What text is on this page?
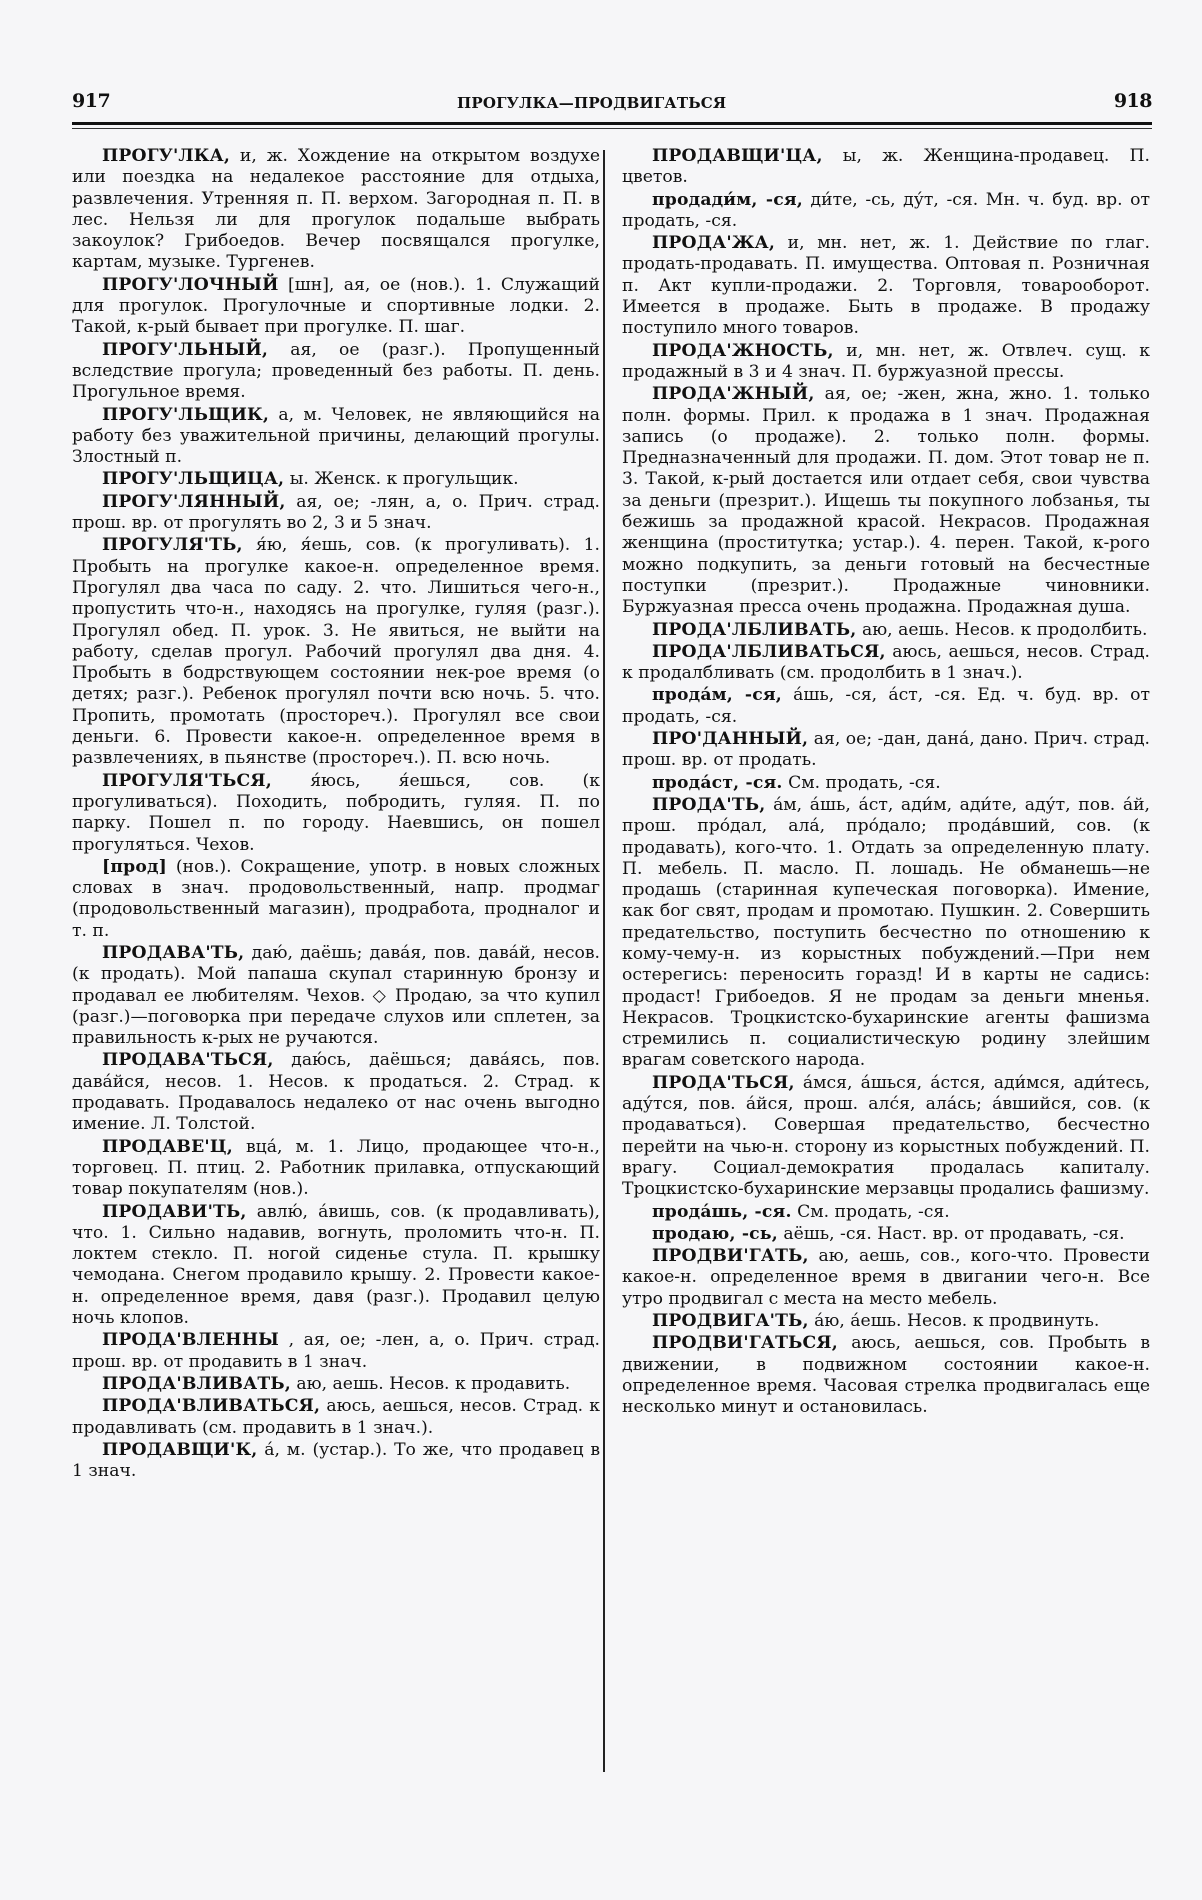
917	ПРОГУЛКА—ПРОДВИГАТЬСЯ	918

ПРОГУ'ЛКА, и, ж. Хождение на открытом воздухе или поездка на недалекое расстояние для отдыха, развлечения. Утренняя п. П. верхом. Загородная п. П. в лес. Нельзя ли для прогулок подальше выбрать закоулок? Грибоедов. Вечер посвящался прогулке, картам, музыке. Тургенев.

ПРОГУ'ЛОЧНЫЙ [шн], ая, ое (нов.). 1. Служащий для прогулок. Прогулочные и спортивные лодки. 2. Такой, к-рый бывает при прогулке. П. шаг.

ПРОГУ'ЛЬНЫЙ, ая, ое (разг.). Пропущенный вследствие прогула; проведенный без работы. П. день. Прогульное время.

ПРОГУ'ЛЬЩИК, а, м. Человек, не являющийся на работу без уважительной причины, делающий прогулы. Злостный п.

ПРОГУ'ЛЬЩИЦА, ы. Женск. к прогульщик.

ПРОГУ'ЛЯННЫЙ, ая, ое; -лян, а, о. Прич. страд. прош. вр. от прогулять во 2, 3 и 5 знач.

ПРОГУЛЯ'ТЬ, я́ю, я́ешь, сов. (к прогуливать). 1. Пробыть на прогулке какое-н. определенное время. Прогулял два часа по саду. 2. что. Лишиться чего-н., пропустить что-н., находясь на прогулке, гуляя (разг.). Прогулял обед. П. урок. 3. Не явиться, не выйти на работу, сделав прогул. Рабочий прогулял два дня. 4. Пробыть в бодрствующем состоянии нек-рое время (о детях; разг.). Ребенок прогулял почти всю ночь. 5. что. Пропить, промотать (простореч.). Прогулял все свои деньги. 6. Провести какое-н. определенное время в развлечениях, в пьянстве (простореч.). П. всю ночь.

ПРОГУЛЯ'ТЬСЯ, я́юсь, я́ешься, сов. (к прогуливаться). Походить, побродить, гуляя. П. по парку. Пошел п. по городу. Наевшись, он пошел прогуляться. Чехов.

[прод] (нов.). Сокращение, употр. в новых сложных словах в знач. продовольственный, напр. продмаг (продовольственный магазин), продработа, продналог и т. п.

ПРОДАВА'ТЬ, даю́, даёшь; дава́я, пов. дава́й, несов. (к продать). Мой папаша скупал старинную бронзу и продавал ее любителям. Чехов. ◇ Продаю, за что купил (разг.)—поговорка при передаче слухов или сплетен, за правильность к-рых не ручаются.

ПРОДАВА'ТЬСЯ, даю́сь, даёшься; дава́ясь, пов. дава́йся, несов. 1. Несов. к продаться. 2. Страд. к продавать. Продавалось недалеко от нас очень выгодно имение. Л. Толстой.

ПРОДАВЕ'Ц, вца́, м. 1. Лицо, продающее что-н., торговец. П. птиц. 2. Работник прилавка, отпускающий товар покупателям (нов.).

ПРОДАВИ'ТЬ, авлю́, а́вишь, сов. (к продавливать), что. 1. Сильно надавив, вогнуть, проломить что-н. П. локтем стекло. П. ногой сиденье стула. П. крышку чемодана. Снегом продавило крышу. 2. Провести какое-н. определенное время, давя (разг.). Продавил целую ночь клопов.

ПРОДА'ВЛЕННЫ , ая, ое; -лен, а, о. Прич. страд. прош. вр. от продавить в 1 знач.

ПРОДА'ВЛИВАТЬ, аю, аешь. Несов. к продавить.

ПРОДА'ВЛИВАТЬСЯ, аюсь, аешься, несов. Страд. к продавливать (см. продавить в 1 знач.).

ПРОДАВЩИ'К, а́, м. (устар.). То же, что продавец в 1 знач.

ПРОДАВЩИ'ЦА, ы, ж. Женщина-продавец. П. цветов.

продади́м, -ся, ди́те, -сь, ду́т, -ся. Мн. ч. буд. вр. от продать, -ся.

ПРОДА'ЖА, и, мн. нет, ж. 1. Действие по глаг. продать-продавать. П. имущества. Оптовая п. Розничная п. Акт купли-продажи. 2. Торговля, товарооборот. Имеется в продаже. Быть в продаже. В продажу поступило много товаров.

ПРОДА'ЖНОСТЬ, и, мн. нет, ж. Отвлеч. сущ. к продажный в 3 и 4 знач. П. буржуазной прессы.

ПРОДА'ЖНЫЙ, ая, ое; -жен, жна, жно. 1. только полн. формы. Прил. к продажа в 1 знач. Продажная запись (о продаже). 2. только полн. формы. Предназначенный для продажи. П. дом. Этот товар не п. 3. Такой, к-рый достается или отдает себя, свои чувства за деньги (презрит.). Ищешь ты покупного лобзанья, ты бежишь за продажной красой. Некрасов. Продажная женщина (проститутка; устар.). 4. перен. Такой, к-рого можно подкупить, за деньги готовый на бесчестные поступки (презрит.). Продажные чиновники. Буржуазная пресса очень продажна. Продажная душа.

ПРОДА'ЛБЛИВАТЬ, аю, аешь. Несов. к продолбить.

ПРОДА'ЛБЛИВАТЬСЯ, аюсь, аешься, несов. Страд. к продалбливать (см. продолбить в 1 знач.).

прода́м, -ся, а́шь, -ся, а́ст, -ся. Ед. ч. буд. вр. от продать, -ся.

ПРО'ДАННЫЙ, ая, ое; -дан, дана́, дано. Прич. страд. прош. вр. от продать.

прода́ст, -ся. См. продать, -ся.

ПРОДА'ТЬ, а́м, а́шь, а́ст, ади́м, ади́те, аду́т, пов. а́й, прош. про́дал, ала́, про́дало; прода́вший, сов. (к продавать), кого-что. 1. Отдать за определенную плату. П. мебель. П. масло. П. лошадь. Не обманешь—не продашь (старинная купеческая поговорка). Имение, как бог свят, продам и промотаю. Пушкин. 2. Совершить предательство, поступить бесчестно по отношению к кому-чему-н. из корыстных побуждений.—При нем остерегись: переносить горазд! И в карты не садись: продаст! Грибоедов. Я не продам за деньги мненья. Некрасов. Троцкистско-бухаринские агенты фашизма стремились п. социалистическую родину злейшим врагам советского народа.

ПРОДА'ТЬСЯ, а́мся, а́шься, а́стся, ади́мся, ади́тесь, аду́тся, пов. а́йся, прош. алс́я, ала́сь; а́вшийся, сов. (к продаваться). Совершая предательство, бесчестно перейти на чью-н. сторону из корыстных побуждений. П. врагу. Социал-демократия продалась капиталу. Троцкистско-бухаринские мерзавцы продались фашизму.

прода́шь, -ся. См. продать, -ся.

продаю, -сь, аёшь, -ся. Наст. вр. от продавать, -ся.

ПРОДВИ'ГАТЬ, аю, аешь, сов., кого-что. Провести какое-н. определенное время в двигании чего-н. Все утро продвигал с места на место мебель.

ПРОДВИГА'ТЬ, а́ю, а́ешь. Несов. к продвинуть.

ПРОДВИ'ГАТЬСЯ, аюсь, аешься, сов. Пробыть в движении, в подвижном состоянии какое-н. определенное время. Часовая стрелка продвигалась еще несколько минут и остановилась.
